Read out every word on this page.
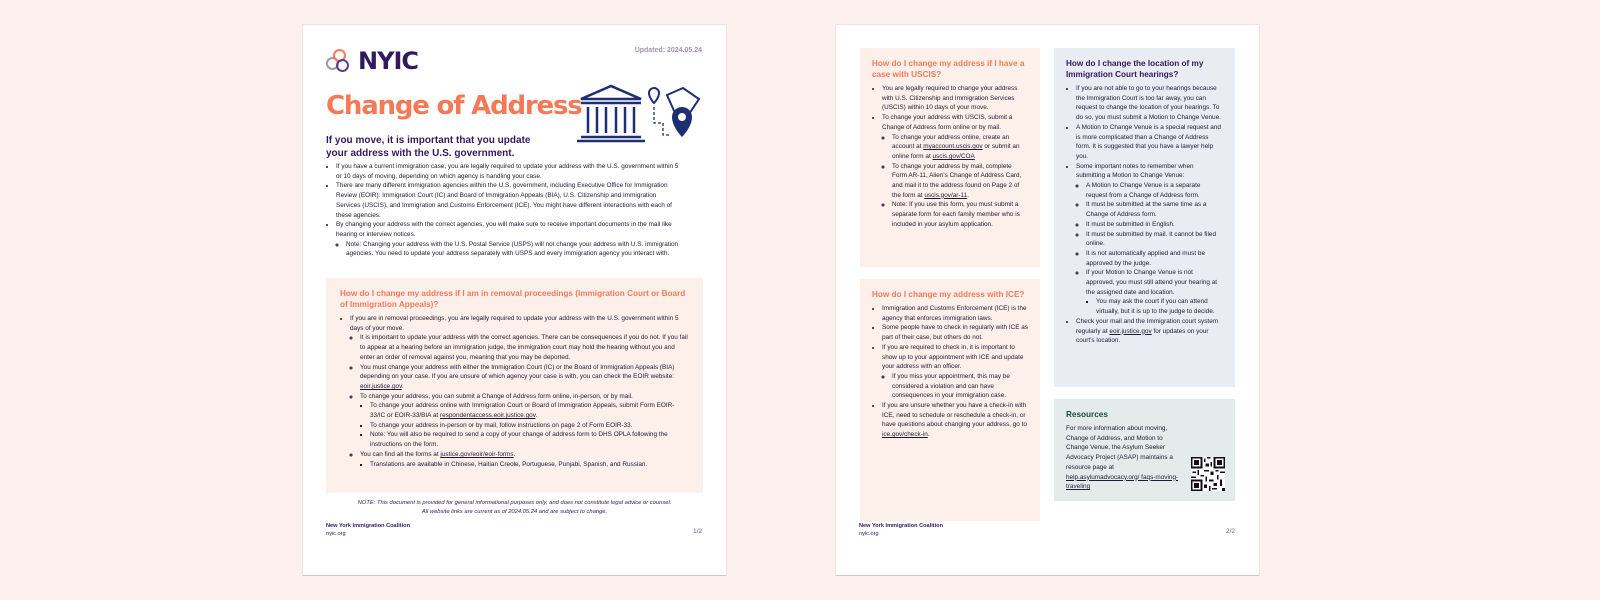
NYIC	Updated: 2024.05.24
Change of Address
If you move, it is important that you update your address with the U.S. government.
• If you have a current immigration case, you are legally required to update your address with the U.S. government within 5 or 10 days of moving, depending on which agency is handling your case.
• There are many different immigration agencies within the U.S. government, including Executive Office for Immigration Review (EOIR): Immigration Court (IC) and Board of Immigration Appeals (BIA), U.S. Citizenship and Immigration Services (USCIS), and Immigration and Customs Enforcement (ICE). You might have different interactions with each of these agencies.
• By changing your address with the correct agencies, you will make sure to receive important documents in the mail like hearing or interview notices.
◦ Note: Changing your address with the U.S. Postal Service (USPS) will not change your address with U.S. immigration agencies. You need to update your address separately with USPS and every immigration agency you interact with.
How do I change my address if I am in removal proceedings (Immigration Court or Board of Immigration Appeals)?
• If you are in removal proceedings, you are legally required to update your address with the U.S. government within 5 days of your move.
◦ It is important to update your address with the correct agencies. There can be consequences if you do not. If you fail to appear at a hearing before an immigration judge, the immigration court may hold the hearing without you and enter an order of removal against you, meaning that you may be deported.
◦ You must change your address with either the Immigration Court (IC) or the Board of Immigration Appeals (BIA) depending on your case. If you are unsure of which agency your case is with, you can check the EOIR website: eoir.justice.gov.
◦ To change your address, you can submit a Change of Address form online, in-person, or by mail.
▪ To change your address online with Immigration Court or Board of Immigration Appeals, submit Form EOIR-33/IC or EOIR-33/BIA at respondentaccess.eoir.justice.gov.
▪ To change your address in-person or by mail, follow instructions on page 2 of Form EOIR-33.
▪ Note: You will also be required to send a copy of your change of address form to DHS OPLA following the instructions on the form.
◦ You can find all the forms at justice.gov/eoir/eoir-forms.
▪ Translations are available in Chinese, Haitian Creole, Portuguese, Punjabi, Spanish, and Russian.
NOTE: This document is provided for general informational purposes only, and does not constitute legal advice or counsel.
All website links are current as of 2024.05.24 and are subject to change.
New York Immigration Coalition
nyic.org	1/2
How do I change my address if I have a case with USCIS?
• You are legally required to change your address with U.S. Citizenship and Immigration Services (USCIS) within 10 days of your move.
• To change your address with USCIS, submit a Change of Address form online or by mail.
◦ To change your address online, create an account at myaccount.uscis.gov or submit an online form at uscis.gov/COA
◦ To change your address by mail, complete Form AR-11, Alien's Change of Address Card, and mail it to the address found on Page 2 of the form at uscis.gov/ar-11.
◦ Note: If you use this form, you must submit a separate form for each family member who is included in your asylum application.
How do I change my address with ICE?
• Immigration and Customs Enforcement (ICE) is the agency that enforces immigration laws.
• Some people have to check in regularly with ICE as part of their case, but others do not.
• If you are required to check in, it is important to show up to your appointment with ICE and update your address with an officer.
◦ If you miss your appointment, this may be considered a violation and can have consequences in your immigration case.
• If you are unsure whether you have a check-in with ICE, need to schedule or reschedule a check-in, or have questions about changing your address, go to ice.gov/check-in.
How do I change the location of my Immigration Court hearings?
• If you are not able to go to your hearings because the Immigration Court is too far away, you can request to change the location of your hearings. To do so, you must submit a Motion to Change Venue.
• A Motion to Change Venue is a special request and is more complicated than a Change of Address form. It is suggested that you have a lawyer help you.
• Some important notes to remember when submitting a Motion to Change Venue:
◦ A Motion to Change Venue is a separate request from a Change of Address form.
◦ It must be submitted at the same time as a Change of Address form.
◦ It must be submitted in English.
◦ It must be submitted by mail. It cannot be filed online.
◦ It is not automatically applied and must be approved by the judge.
◦ If your Motion to Change Venue is not approved, you must still attend your hearing at the assigned date and location.
▪ You may ask the court if you can attend virtually, but it is up to the judge to decide.
• Check your mail and the Immigration court system regularly at eoir.justice.gov for updates on your court's location.
Resources
For more information about moving, Change of Address, and Motion to Change Venue, the Asylum Seeker Advocacy Project (ASAP) maintains a resource page at help.asylumadvocacy.org/ faqs-moving-traveling
New York Immigration Coalition
nyic.org	2/2
